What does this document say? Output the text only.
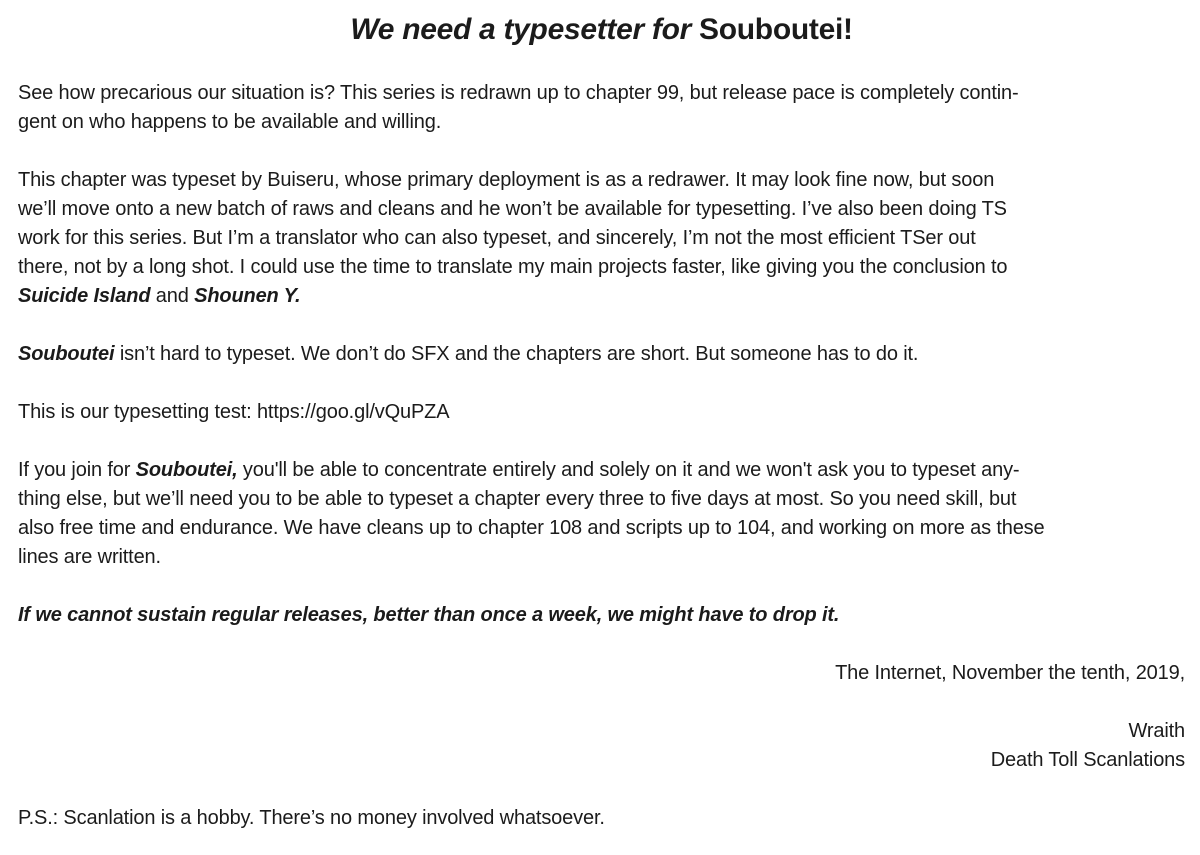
We need a typesetter for Souboutei!

See how precarious our situation is? This series is redrawn up to chapter 99, but release pace is completely contin-
gent on who happens to be available and willing.

This chapter was typeset by Buiseru, whose primary deployment is as a redrawer. It may look fine now, but soon
we’ll move onto a new batch of raws and cleans and he won’t be available for typesetting. I’ve also been doing TS
work for this series. But I’m a translator who can also typeset, and sincerely, I’m not the most efficient TSer out
there, not by a long shot. I could use the time to translate my main projects faster, like giving you the conclusion to
Suicide Island and Shounen Y.

Souboutei isn’t hard to typeset. We don’t do SFX and the chapters are short. But someone has to do it.

This is our typesetting test: https://goo.gl/vQuPZA

If you join for Souboutei, you'll be able to concentrate entirely and solely on it and we won't ask you to typeset any-
thing else, but we’ll need you to be able to typeset a chapter every three to five days at most. So you need skill, but
also free time and endurance. We have cleans up to chapter 108 and scripts up to 104, and working on more as these
lines are written.

If we cannot sustain regular releases, better than once a week, we might have to drop it.

The Internet, November the tenth, 2019,

Wraith
Death Toll Scanlations

P.S.: Scanlation is a hobby. There’s no money involved whatsoever.
